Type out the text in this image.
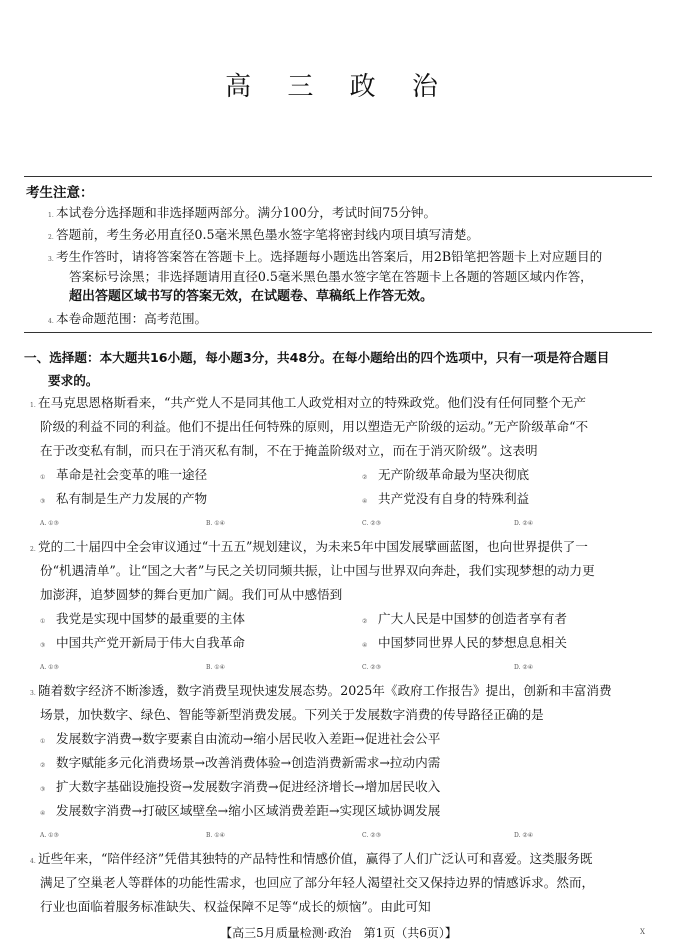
高 三 政 治
考生注意：
1. 本试卷分选择题和非选择题两部分。满分100分，考试时间75分钟。
2. 答题前，考生务必用直径0.5毫米黑色墨水签字笔将密封线内项目填写清楚。
3. 考生作答时，请将答案答在答题卡上。选择题每小题选出答案后，用2B铅笔把答题卡上对应题目的
答案标号涂黑；非选择题请用直径0.5毫米黑色墨水签字笔在答题卡上各题的答题区域内作答，
超出答题区域书写的答案无效，在试题卷、草稿纸上作答无效。
4. 本卷命题范围：高考范围。
一、选择题：本大题共16小题，每小题3分，共48分。在每小题给出的四个选项中，只有一项是符合题目
要求的。
1. 在马克思恩格斯看来，“共产党人不是同其他工人政党相对立的特殊政党。他们没有任何同整个无产
阶级的利益不同的利益。他们不提出任何特殊的原则，用以塑造无产阶级的运动。”无产阶级革命“不
在于改变私有制，而只在于消灭私有制，不在于掩盖阶级对立，而在于消灭阶级”。这表明
① 革命是社会变革的唯一途径	② 无产阶级革命最为坚决彻底
③ 私有制是生产力发展的产物	④ 共产党没有自身的特殊利益
A. ①③	B. ①④	C. ②③	D. ②④
2. 党的二十届四中全会审议通过“十五五”规划建议，为未来5年中国发展擘画蓝图，也向世界提供了一
份“机遇清单”。让“国之大者”与民之关切同频共振，让中国与世界双向奔赴，我们实现梦想的动力更
加澎湃，追梦圆梦的舞台更加广阔。我们可从中感悟到
① 我党是实现中国梦的最重要的主体	② 广大人民是中国梦的创造者享有者
③ 中国共产党开新局于伟大自我革命	④ 中国梦同世界人民的梦想息息相关
A. ①③	B. ①④	C. ②③	D. ②④
3. 随着数字经济不断渗透，数字消费呈现快速发展态势。2025年《政府工作报告》提出，创新和丰富消费
场景，加快数字、绿色、智能等新型消费发展。下列关于发展数字消费的传导路径正确的是
① 发展数字消费→数字要素自由流动→缩小居民收入差距→促进社会公平
② 数字赋能多元化消费场景→改善消费体验→创造消费新需求→拉动内需
③ 扩大数字基础设施投资→发展数字消费→促进经济增长→增加居民收入
④ 发展数字消费→打破区域壁垒→缩小区域消费差距→实现区域协调发展
A. ①③	B. ①④	C. ②③	D. ②④
4. 近些年来，“陪伴经济”凭借其独特的产品特性和情感价值，赢得了人们广泛认可和喜爱。这类服务既
满足了空巢老人等群体的功能性需求，也回应了部分年轻人渴望社交又保持边界的情感诉求。然而，
行业也面临着服务标准缺失、权益保障不足等“成长的烦恼”。由此可知
【高三5月质量检测·政治　第1页（共6页）】	X
